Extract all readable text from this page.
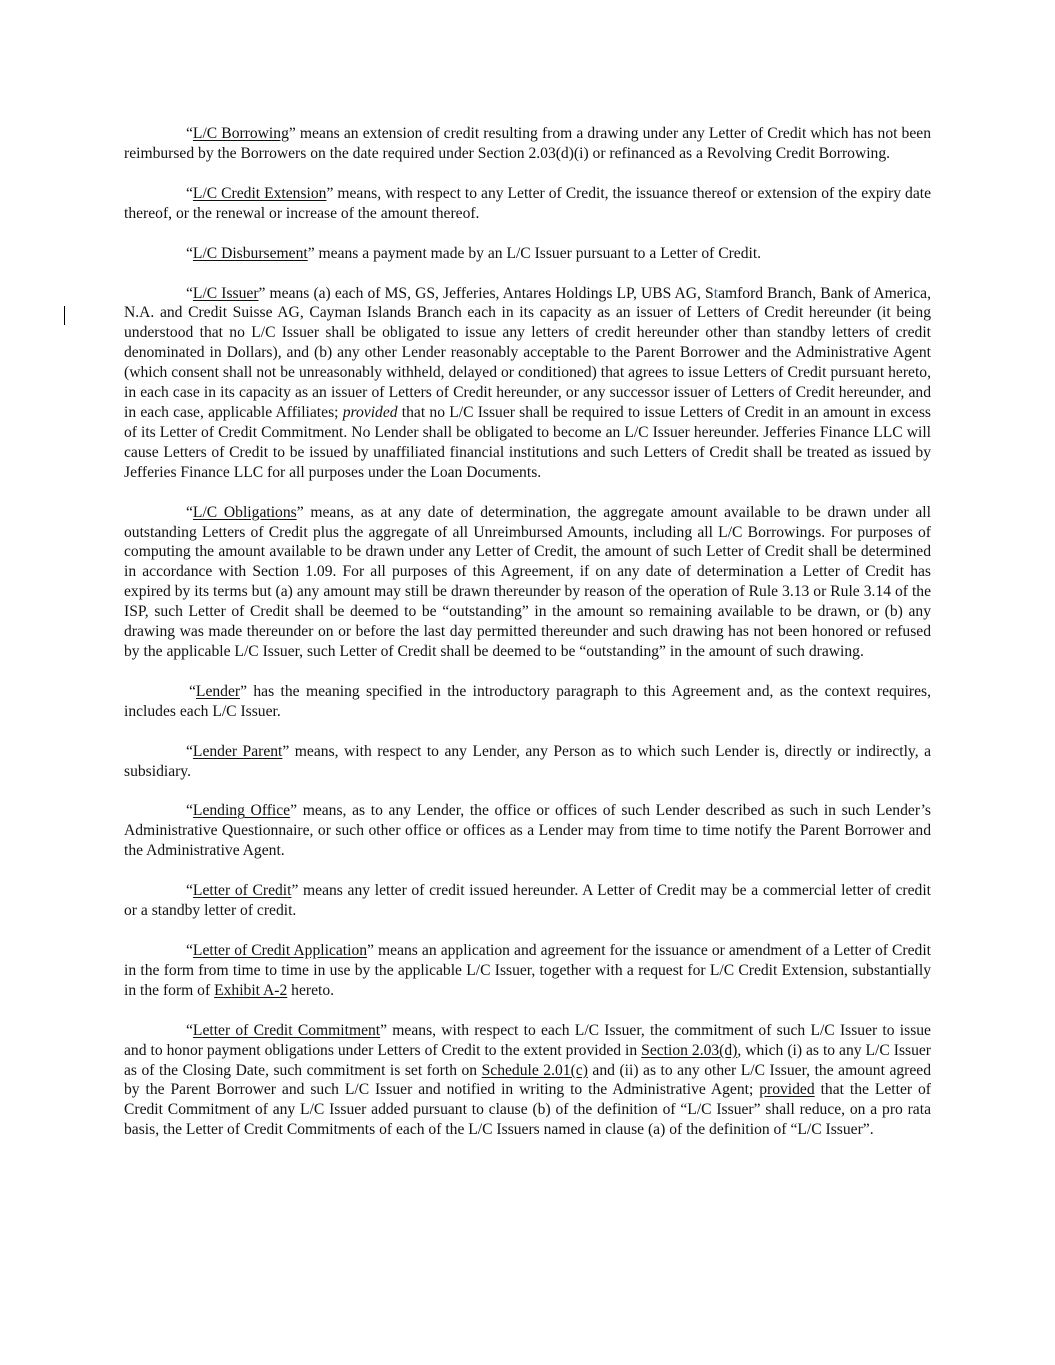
“L/C Borrowing” means an extension of credit resulting from a drawing under any Letter of Credit which has not been reimbursed by the Borrowers on the date required under Section 2.03(d)(i) or refinanced as a Revolving Credit Borrowing.

“L/C Credit Extension” means, with respect to any Letter of Credit, the issuance thereof or extension of the expiry date thereof, or the renewal or increase of the amount thereof.

“L/C Disbursement” means a payment made by an L/C Issuer pursuant to a Letter of Credit.

“L/C Issuer” means (a) each of MS, GS, Jefferies, Antares Holdings LP, UBS AG, Stamford Branch, Bank of America, N.A. and Credit Suisse AG, Cayman Islands Branch each in its capacity as an issuer of Letters of Credit hereunder (it being understood that no L/C Issuer shall be obligated to issue any letters of credit hereunder other than standby letters of credit denominated in Dollars), and (b) any other Lender reasonably acceptable to the Parent Borrower and the Administrative Agent (which consent shall not be unreasonably withheld, delayed or conditioned) that agrees to issue Letters of Credit pursuant hereto, in each case in its capacity as an issuer of Letters of Credit hereunder, or any successor issuer of Letters of Credit hereunder, and in each case, applicable Affiliates; provided that no L/C Issuer shall be required to issue Letters of Credit in an amount in excess of its Letter of Credit Commitment. No Lender shall be obligated to become an L/C Issuer hereunder. Jefferies Finance LLC will cause Letters of Credit to be issued by unaffiliated financial institutions and such Letters of Credit shall be treated as issued by Jefferies Finance LLC for all purposes under the Loan Documents.

“L/C Obligations” means, as at any date of determination, the aggregate amount available to be drawn under all outstanding Letters of Credit plus the aggregate of all Unreimbursed Amounts, including all L/C Borrowings. For purposes of computing the amount available to be drawn under any Letter of Credit, the amount of such Letter of Credit shall be determined in accordance with Section 1.09. For all purposes of this Agreement, if on any date of determination a Letter of Credit has expired by its terms but (a) any amount may still be drawn thereunder by reason of the operation of Rule 3.13 or Rule 3.14 of the ISP, such Letter of Credit shall be deemed to be “outstanding” in the amount so remaining available to be drawn, or (b) any drawing was made thereunder on or before the last day permitted thereunder and such drawing has not been honored or refused by the applicable L/C Issuer, such Letter of Credit shall be deemed to be “outstanding” in the amount of such drawing.

“Lender” has the meaning specified in the introductory paragraph to this Agreement and, as the context requires, includes each L/C Issuer.

“Lender Parent” means, with respect to any Lender, any Person as to which such Lender is, directly or indirectly, a subsidiary.

“Lending Office” means, as to any Lender, the office or offices of such Lender described as such in such Lender’s Administrative Questionnaire, or such other office or offices as a Lender may from time to time notify the Parent Borrower and the Administrative Agent.

“Letter of Credit” means any letter of credit issued hereunder. A Letter of Credit may be a commercial letter of credit or a standby letter of credit.

“Letter of Credit Application” means an application and agreement for the issuance or amendment of a Letter of Credit in the form from time to time in use by the applicable L/C Issuer, together with a request for L/C Credit Extension, substantially in the form of Exhibit A-2 hereto.

“Letter of Credit Commitment” means, with respect to each L/C Issuer, the commitment of such L/C Issuer to issue and to honor payment obligations under Letters of Credit to the extent provided in Section 2.03(d), which (i) as to any L/C Issuer as of the Closing Date, such commitment is set forth on Schedule 2.01(c) and (ii) as to any other L/C Issuer, the amount agreed by the Parent Borrower and such L/C Issuer and notified in writing to the Administrative Agent; provided that the Letter of Credit Commitment of any L/C Issuer added pursuant to clause (b) of the definition of “L/C Issuer” shall reduce, on a pro rata basis, the Letter of Credit Commitments of each of the L/C Issuers named in clause (a) of the definition of “L/C Issuer”.
